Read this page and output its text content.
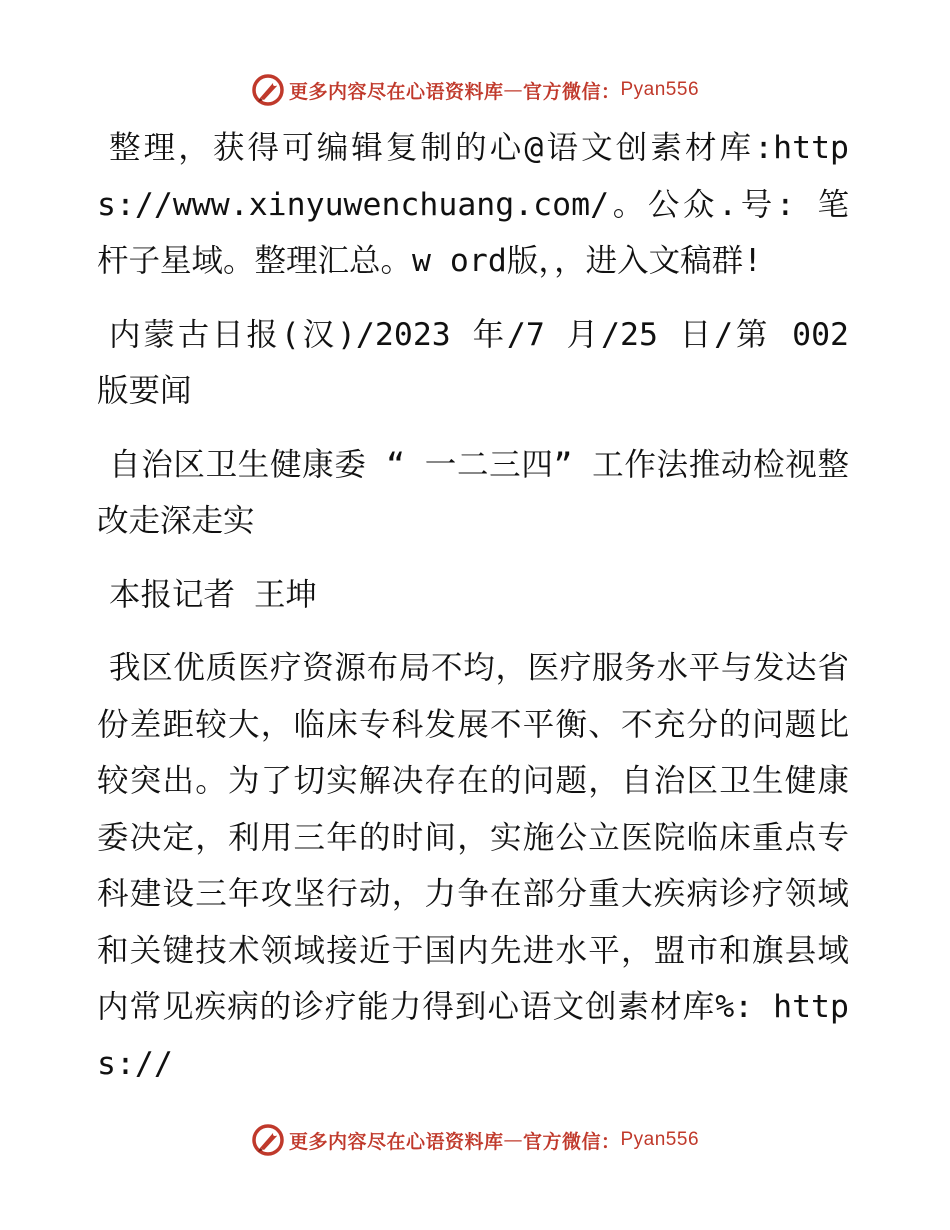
更多内容尽在心语资料库 — 官方微信： Pyan556

整理，获得可编辑复制的心@语文创素材库:https://www.xinyuwenchuang.com/。公众.号: 笔杆子星域。整理汇总。w ord版，，进入文稿群!

内蒙古日报(汉)/2023 年/7 月/25 日/第 002 版要闻

自治区卫生健康委 “ 一二三四” 工作法推动检视整改走深走实

本报记者 王坤

我区优质医疗资源布局不均，医疗服务水平与发达省份差距较大，临床专科发展不平衡、不充分的问题比较突出。为了切实解决存在的问题，自治区卫生健康委决定，利用三年的时间，实施公立医院临床重点专科建设三年攻坚行动，力争在部分重大疾病诊疗领域和关键技术领域接近于国内先进水平，盟市和旗县域内常见疾病的诊疗能力得到心语文创素材库%: https://

更多内容尽在心语资料库 — 官方微信： Pyan556
